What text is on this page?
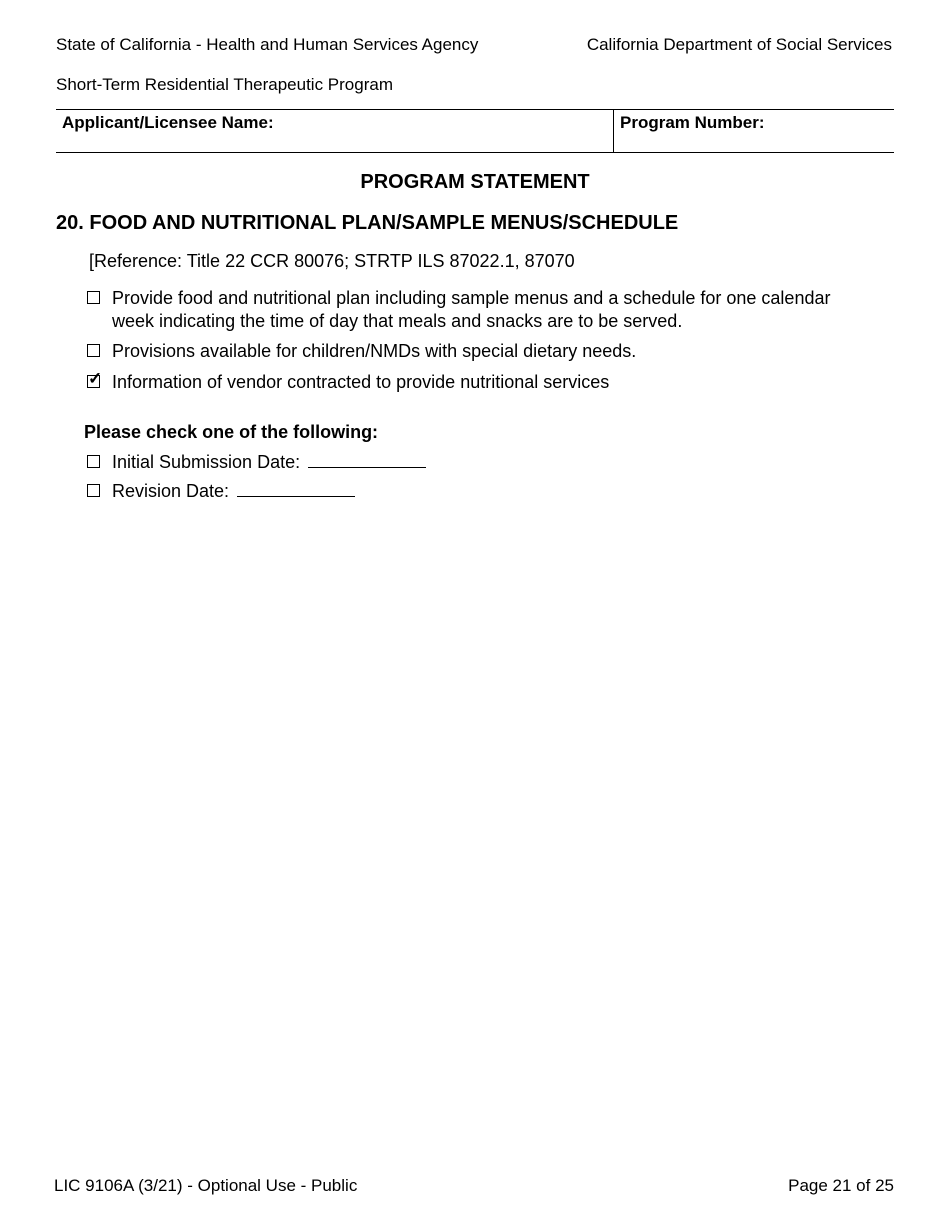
State of California - Health and Human Services Agency	California Department of Social Services
Short-Term Residential Therapeutic Program
Applicant/Licensee Name:	Program Number:
PROGRAM STATEMENT
20. FOOD AND NUTRITIONAL PLAN/SAMPLE MENUS/SCHEDULE
[Reference: Title 22 CCR 80076; STRTP ILS 87022.1, 87070
Provide food and nutritional plan including sample menus and a schedule for one calendar
week indicating the time of day that meals and snacks are to be served.
Provisions available for children/NMDs with special dietary needs.
✓ Information of vendor contracted to provide nutritional services
Please check one of the following:
Initial Submission Date:
Revision Date:
LIC 9106A (3/21) - Optional Use - Public	Page 21 of 25
